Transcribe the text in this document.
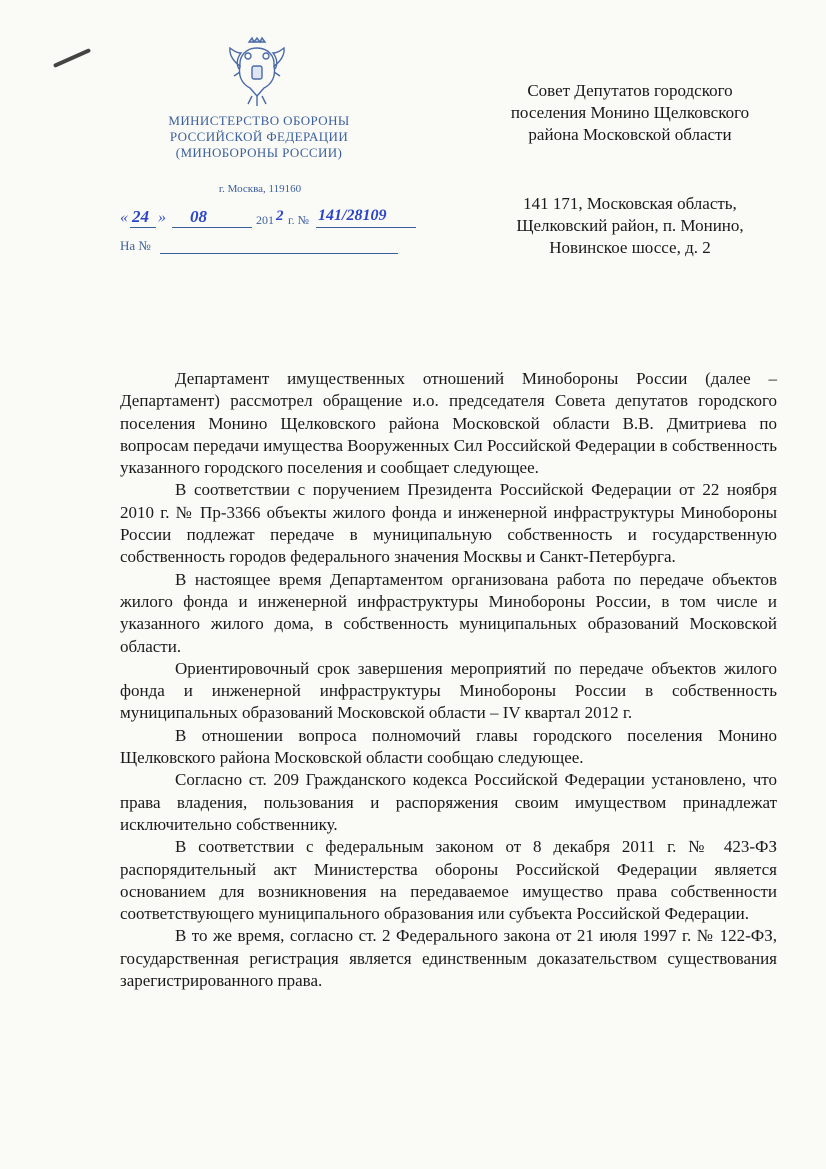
МИНИСТЕРСТВО ОБОРОНЫ
РОССИЙСКОЙ ФЕДЕРАЦИИ
(МИНОБОРОНЫ РОССИИ)
г. Москва, 119160
« 24 » 08	201 2 г. № 141/28109
На №
Совет Депутатов городского
поселения Монино Щелковского
района Московской области
141 171, Московская область,
Щелковский район, п. Монино,
Новинское шоссе, д. 2

Департамент имущественных отношений Минобороны России (далее – Департамент) рассмотрел обращение и.о. председателя Совета депутатов городского поселения Монино Щелковского района Московской области В.В. Дмитриева по вопросам передачи имущества Вооруженных Сил Российской Федерации в собственность указанного городского поселения и сообщает следующее.

В соответствии с поручением Президента Российской Федерации от 22 ноября 2010 г. № Пр-3366 объекты жилого фонда и инженерной инфраструктуры Минобороны России подлежат передаче в муниципальную собственность и государственную собственность городов федерального значения Москвы и Санкт-Петербурга.

В настоящее время Департаментом организована работа по передаче объектов жилого фонда и инженерной инфраструктуры Минобороны России, в том числе и указанного жилого дома, в собственность муниципальных образований Московской области.

Ориентировочный срок завершения мероприятий по передаче объектов жилого фонда и инженерной инфраструктуры Минобороны России в собственность муниципальных образований Московской области – IV квартал 2012 г.

В отношении вопроса полномочий главы городского поселения Монино Щелковского района Московской области сообщаю следующее.

Согласно ст. 209 Гражданского кодекса Российской Федерации установлено, что права владения, пользования и распоряжения своим имуществом принадлежат исключительно собственнику.

В соответствии с федеральным законом от 8 декабря 2011 г. № 423-ФЗ распорядительный акт Министерства обороны Российской Федерации является основанием для возникновения на передаваемое имущество права собственности соответствующего муниципального образования или субъекта Российской Федерации.

В то же время, согласно ст. 2 Федерального закона от 21 июля 1997 г. № 122-ФЗ, государственная регистрация является единственным доказательством существования зарегистрированного права.
